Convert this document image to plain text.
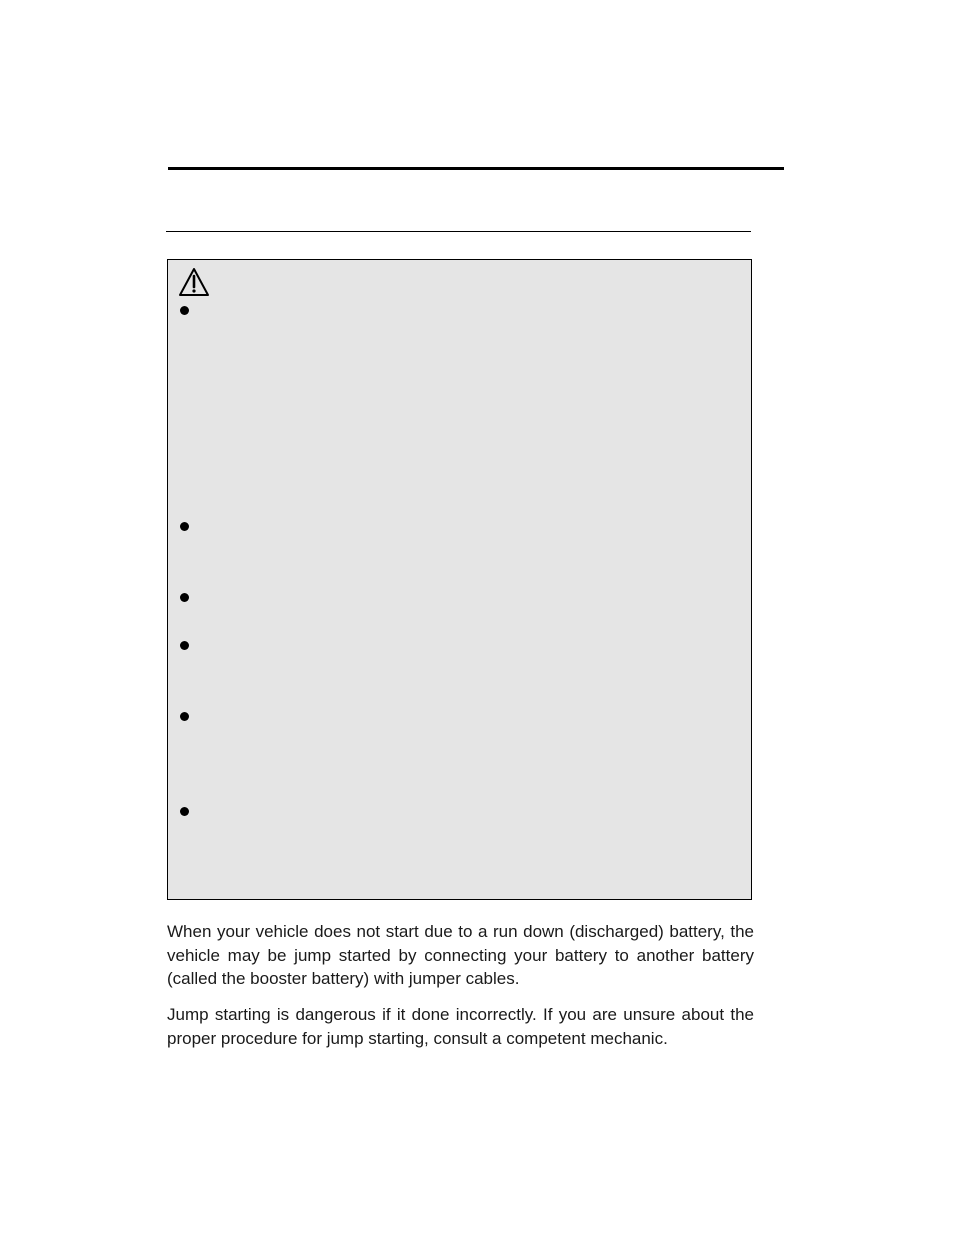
When your vehicle does not start due to a run down (discharged) battery, the vehicle may be jump started by connecting your battery to another battery (called the booster battery) with jumper cables.

Jump starting is dangerous if it done incorrectly. If you are unsure about the proper procedure for jump starting, consult a competent mechanic.
